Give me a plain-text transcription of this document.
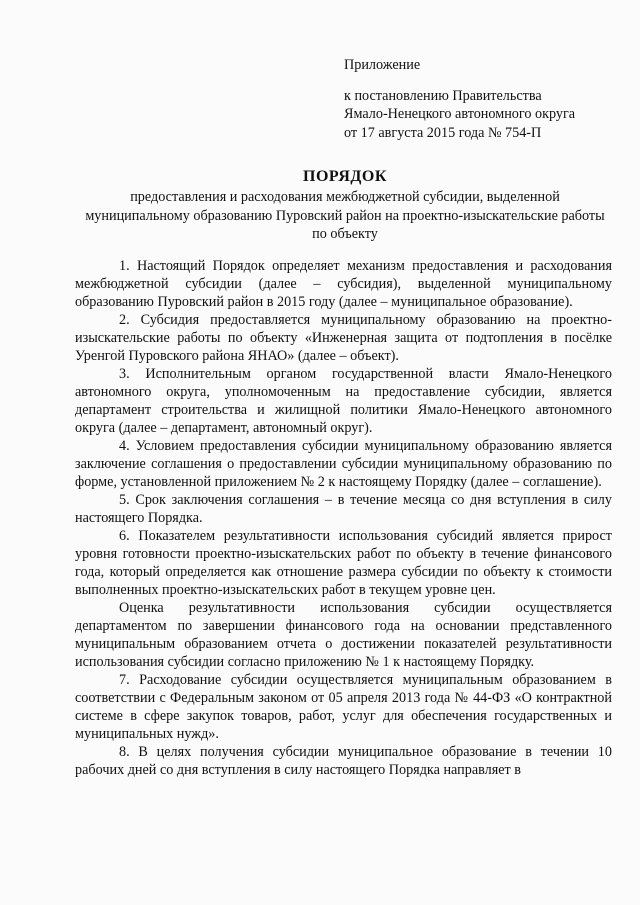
Приложение
к постановлению Правительства
Ямало-Ненецкого автономного округа
от 17 августа 2015 года № 754-П
ПОРЯДОК
предоставления и расходования межбюджетной субсидии, выделенной муниципальному образованию Пуровский район на проектно-изыскательские работы по объекту

1. Настоящий Порядок определяет механизм предоставления и расходования межбюджетной субсидии (далее – субсидия), выделенной муниципальному образованию Пуровский район в 2015 году (далее – муниципальное образование).

2. Субсидия предоставляется муниципальному образованию на проектно-изыскательские работы по объекту «Инженерная защита от подтопления в посёлке Уренгой Пуровского района ЯНАО» (далее – объект).

3. Исполнительным органом государственной власти Ямало-Ненецкого автономного округа, уполномоченным на предоставление субсидии, является департамент строительства и жилищной политики Ямало-Ненецкого автономного округа (далее – департамент, автономный округ).

4. Условием предоставления субсидии муниципальному образованию является заключение соглашения о предоставлении субсидии муниципальному образованию по форме, установленной приложением № 2 к настоящему Порядку (далее – соглашение).

5. Срок заключения соглашения – в течение месяца со дня вступления в силу настоящего Порядка.

6. Показателем результативности использования субсидий является прирост уровня готовности проектно-изыскательских работ по объекту в течение финансового года, который определяется как отношение размера субсидии по объекту к стоимости выполненных проектно-изыскательских работ в текущем уровне цен.

Оценка результативности использования субсидии осуществляется департаментом по завершении финансового года на основании представленного муниципальным образованием отчета о достижении показателей результативности использования субсидии согласно приложению № 1 к настоящему Порядку.

7. Расходование субсидии осуществляется муниципальным образованием в соответствии с Федеральным законом от 05 апреля 2013 года № 44-ФЗ «О контрактной системе в сфере закупок товаров, работ, услуг для обеспечения государственных и муниципальных нужд».

8. В целях получения субсидии муниципальное образование в течении 10 рабочих дней со дня вступления в силу настоящего Порядка направляет в
